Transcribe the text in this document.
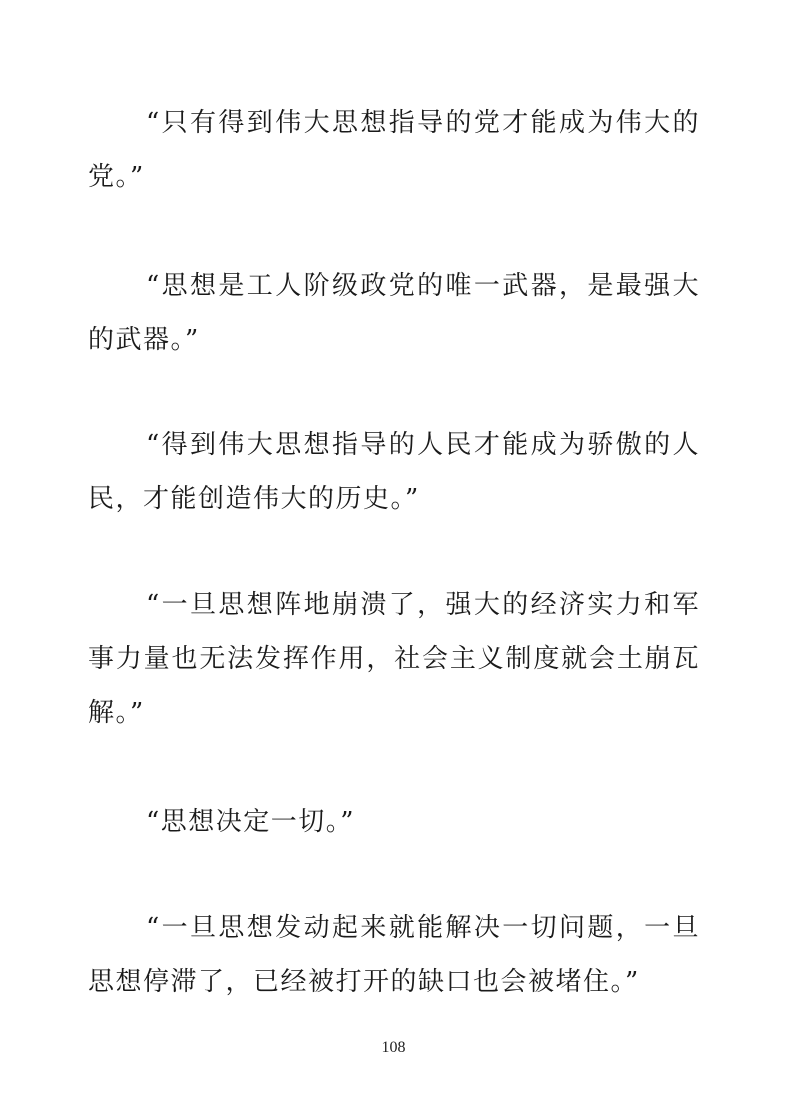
“只有得到伟大思想指导的党才能成为伟大的党。”

“思想是工人阶级政党的唯一武器，是最强大的武器。”

“得到伟大思想指导的人民才能成为骄傲的人民，才能创造伟大的历史。”

“一旦思想阵地崩溃了，强大的经济实力和军事力量也无法发挥作用，社会主义制度就会土崩瓦解。”

“思想决定一切。”

“一旦思想发动起来就能解决一切问题，一旦思想停滞了，已经被打开的缺口也会被堵住。”

108
